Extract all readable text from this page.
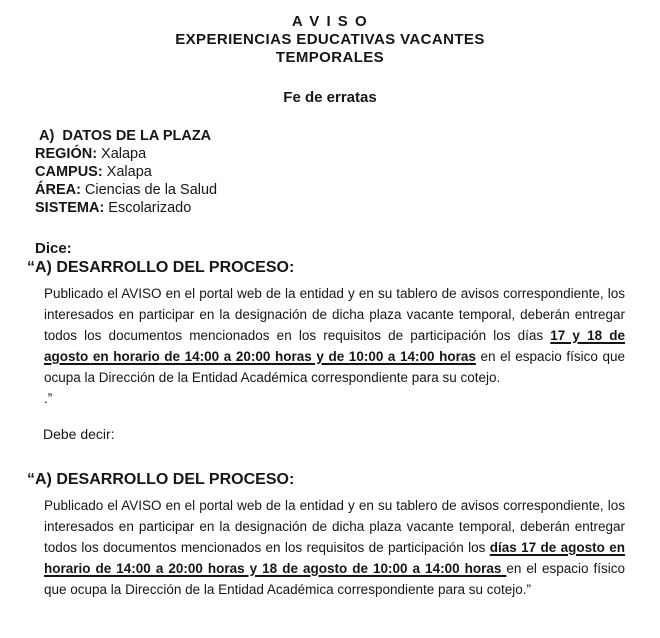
A V I S O
EXPERIENCIAS EDUCATIVAS VACANTES
TEMPORALES
Fe de erratas
A)  DATOS DE LA PLAZA
REGIÓN: Xalapa
CAMPUS: Xalapa
ÁREA: Ciencias de la Salud
SISTEMA: Escolarizado
Dice:
“A) DESARROLLO DEL PROCESO:

Publicado el AVISO en el portal web de la entidad y en su tablero de avisos correspondiente, los interesados en participar en la designación de dicha plaza vacante temporal, deberán entregar todos los documentos mencionados en los requisitos de participación los días 17 y 18 de agosto en horario de 14:00 a 20:00 horas y de 10:00 a 14:00 horas en el espacio físico que ocupa la Dirección de la Entidad Académica correspondiente para su cotejo.

.”
Debe decir:
“A) DESARROLLO DEL PROCESO:

Publicado el AVISO en el portal web de la entidad y en su tablero de avisos correspondiente, los interesados en participar en la designación de dicha plaza vacante temporal, deberán entregar todos los documentos mencionados en los requisitos de participación los días 17 de agosto en horario de 14:00 a 20:00 horas y 18 de agosto de 10:00 a 14:00 horas en el espacio físico que ocupa la Dirección de la Entidad Académica correspondiente para su cotejo.”
